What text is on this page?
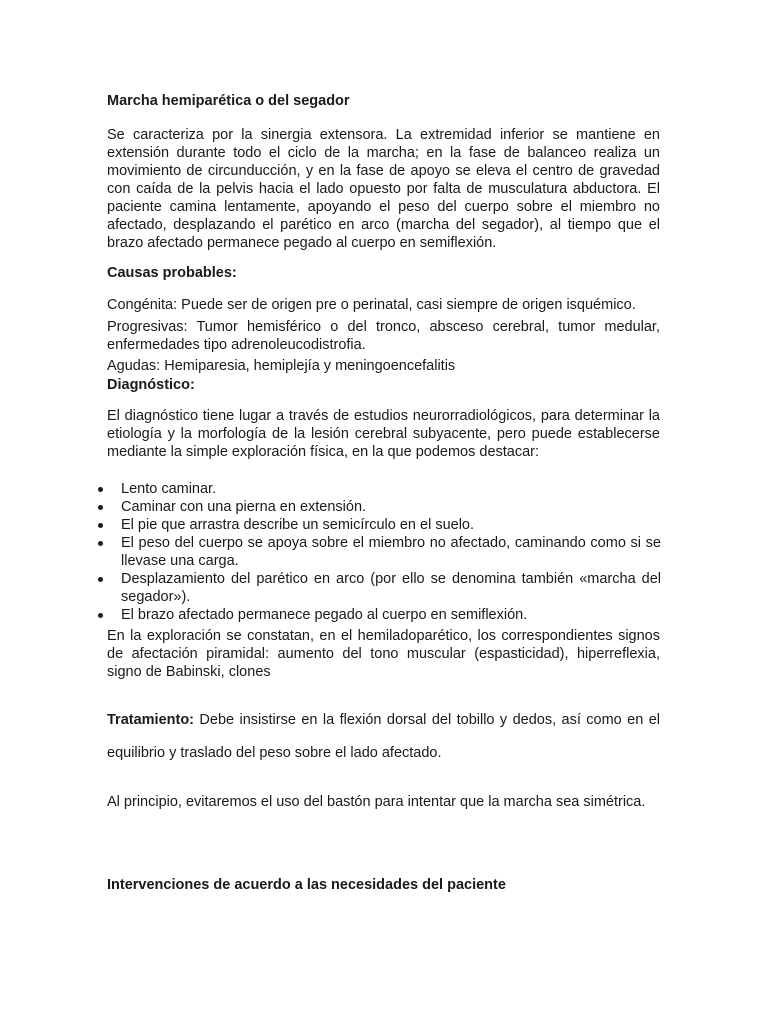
Marcha hemiparética o del segador

Se caracteriza por la sinergia extensora. La extremidad inferior se mantiene en extensión durante todo el ciclo de la marcha; en la fase de balanceo realiza un movimiento de circunducción, y en la fase de apoyo se eleva el centro de gravedad con caída de la pelvis hacia el lado opuesto por falta de musculatura abductora. El paciente camina lentamente, apoyando el peso del cuerpo sobre el miembro no afectado, desplazando el parético en arco (marcha del segador), al tiempo que el brazo afectado permanece pegado al cuerpo en semiflexión.

Causas probables:

Congénita: Puede ser de origen pre o perinatal, casi siempre de origen isquémico.

Progresivas: Tumor hemisférico o del tronco, absceso cerebral, tumor medular, enfermedades tipo adrenoleucodistrofia.

Agudas: Hemiparesia, hemiplejía y meningoencefalitis

Diagnóstico:

El diagnóstico tiene lugar a través de estudios neurorradiológicos, para determinar la etiología y la morfología de la lesión cerebral subyacente, pero puede establecerse mediante la simple exploración física, en la que podemos destacar:

Lento caminar.
Caminar con una pierna en extensión.
El pie que arrastra describe un semicírculo en el suelo.
El peso del cuerpo se apoya sobre el miembro no afectado, caminando como si se llevase una carga.
Desplazamiento del parético en arco (por ello se denomina también «marcha del segador»).
El brazo afectado permanece pegado al cuerpo en semiflexión.

En la exploración se constatan, en el hemiladoparético, los correspondientes signos de afectación piramidal: aumento del tono muscular (espasticidad), hiperreflexia, signo de Babinski, clones

Tratamiento: Debe insistirse en la flexión dorsal del tobillo y dedos, así como en el equilibrio y traslado del peso sobre el lado afectado.

Al principio, evitaremos el uso del bastón para intentar que la marcha sea simétrica.

Intervenciones de acuerdo a las necesidades del paciente
